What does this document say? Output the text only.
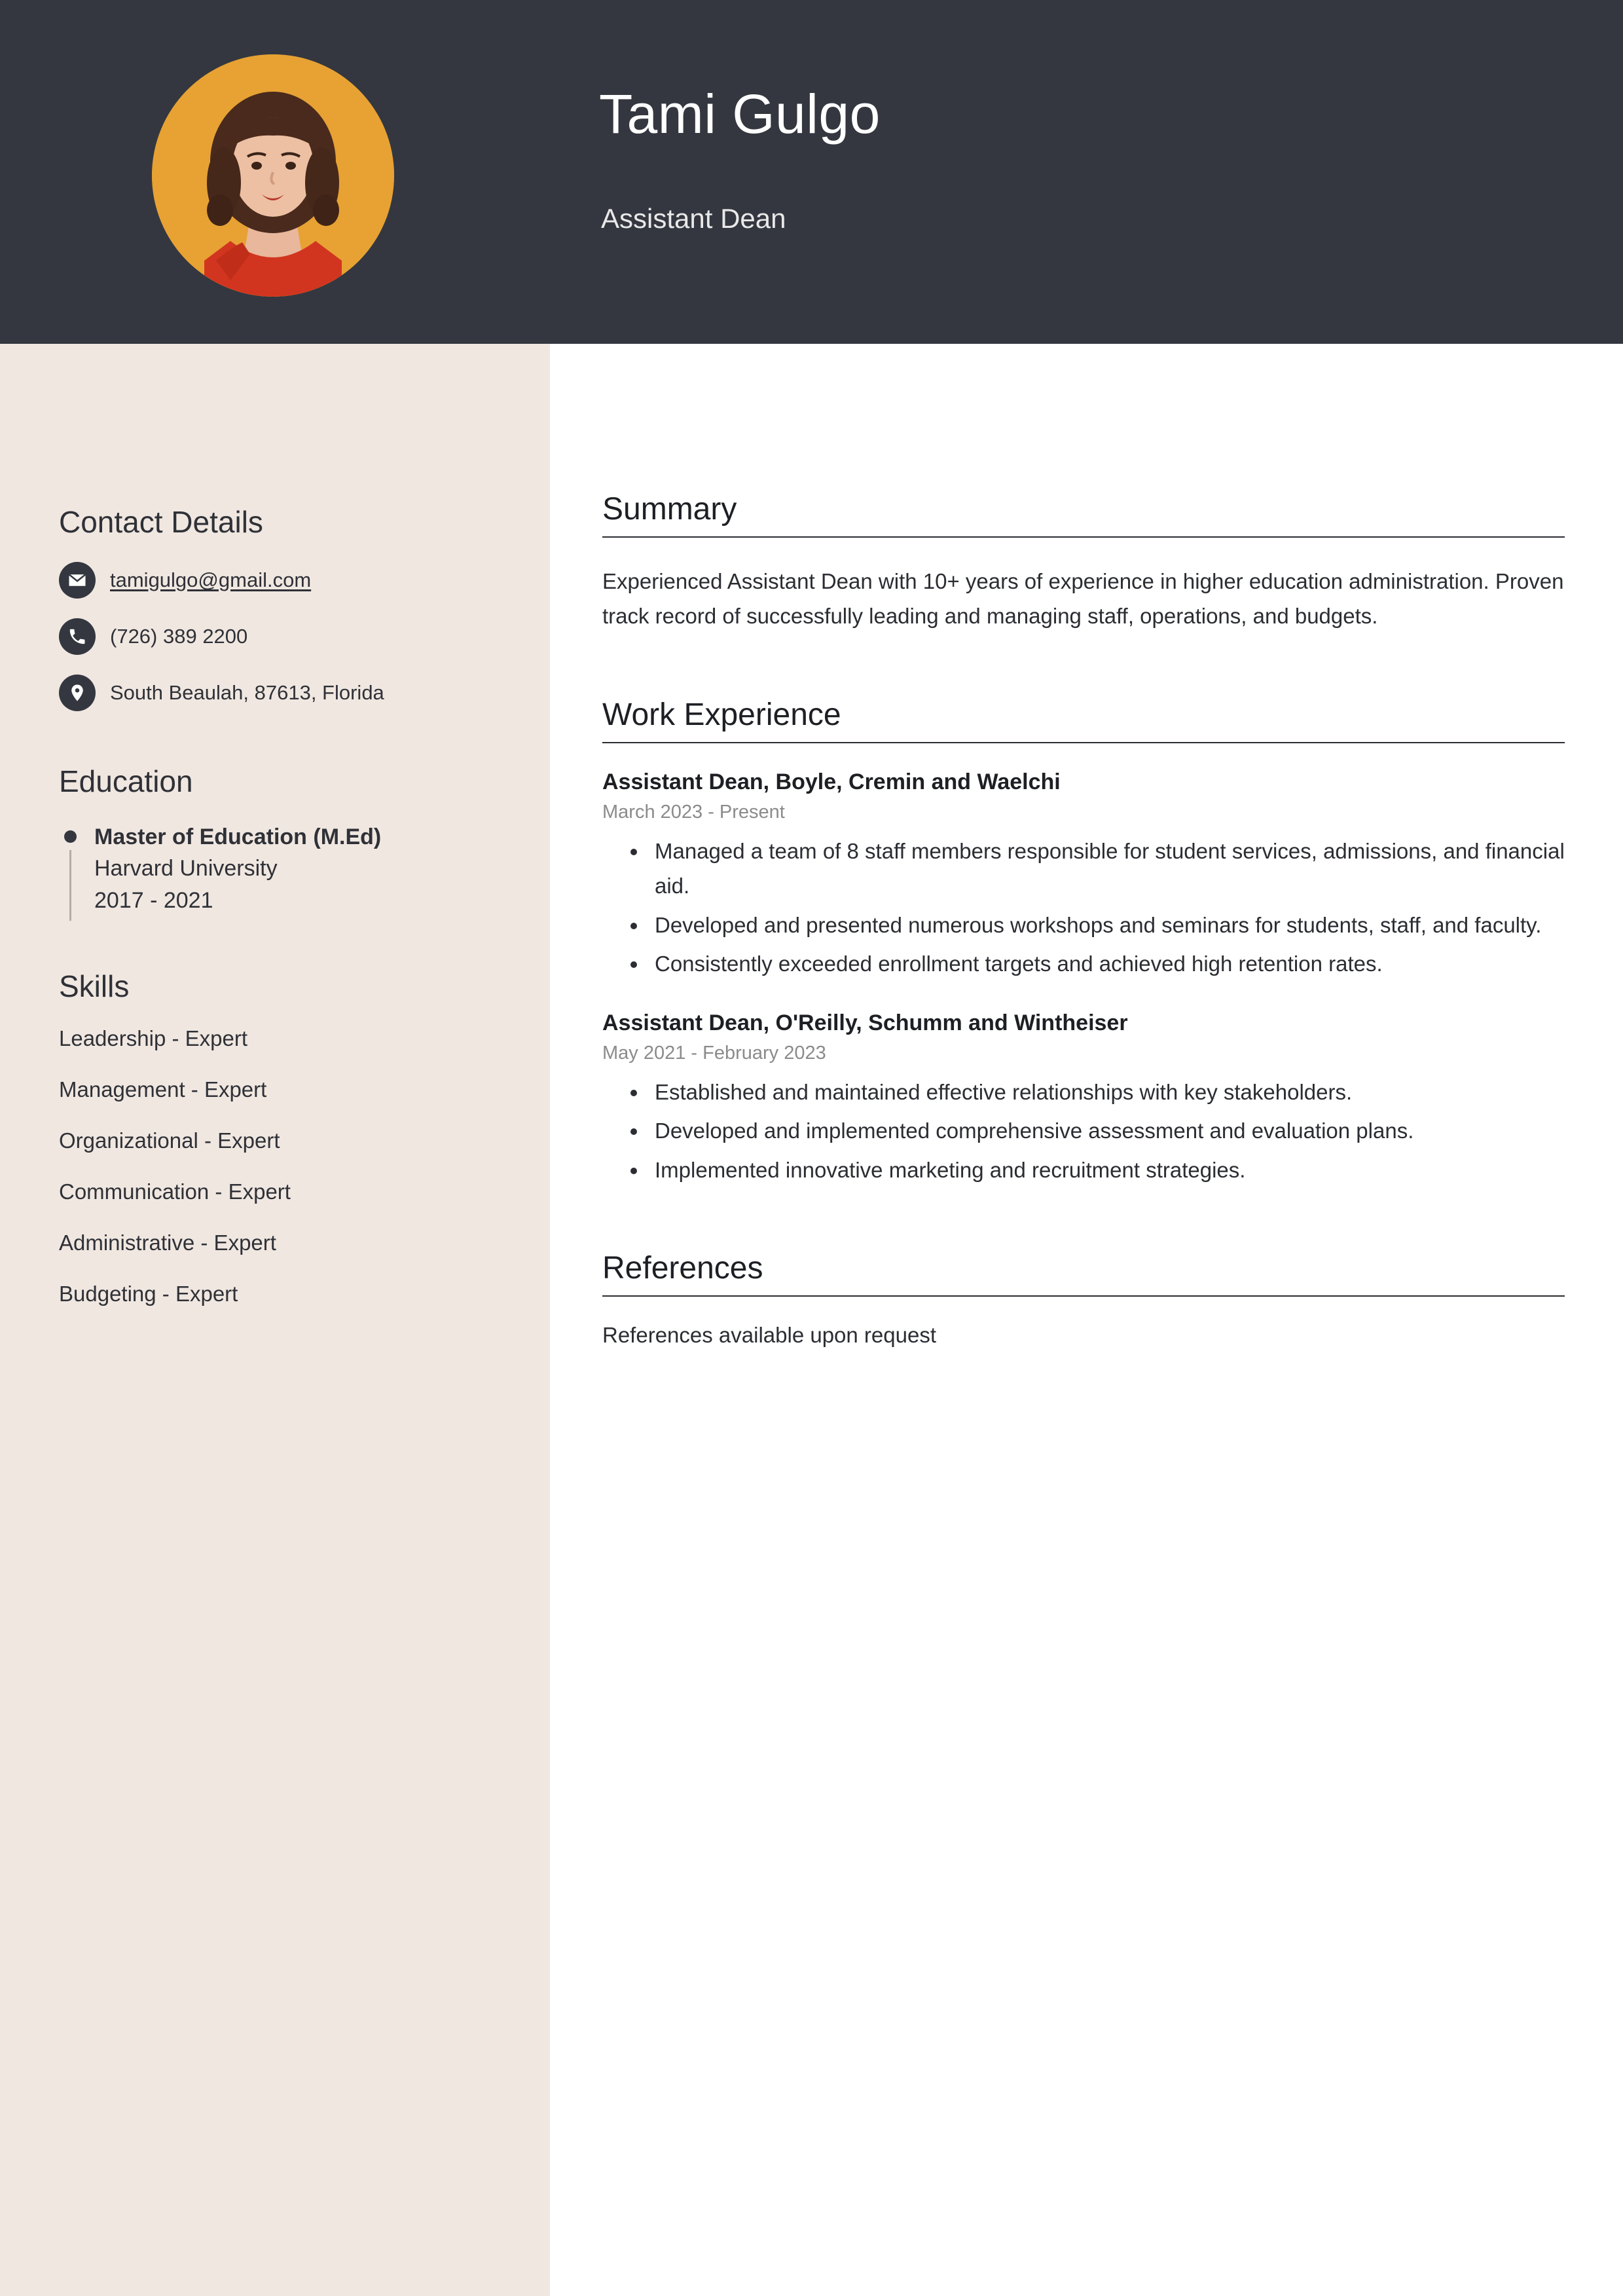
Tami Gulgo
Assistant Dean
Contact Details
tamigulgo@gmail.com
(726) 389 2200
South Beaulah, 87613, Florida
Education
Master of Education (M.Ed)
Harvard University
2017 - 2021
Skills
Leadership - Expert
Management - Expert
Organizational - Expert
Communication - Expert
Administrative - Expert
Budgeting - Expert
Summary

Experienced Assistant Dean with 10+ years of experience in higher education administration. Proven track record of successfully leading and managing staff, operations, and budgets.

Work Experience
Assistant Dean, Boyle, Cremin and Waelchi
March 2023 - Present
• Managed a team of 8 staff members responsible for student services, admissions, and financial aid.
• Developed and presented numerous workshops and seminars for students, staff, and faculty.
• Consistently exceeded enrollment targets and achieved high retention rates.
Assistant Dean, O'Reilly, Schumm and Wintheiser
May 2021 - February 2023
• Established and maintained effective relationships with key stakeholders.
• Developed and implemented comprehensive assessment and evaluation plans.
• Implemented innovative marketing and recruitment strategies.
References
References available upon request
